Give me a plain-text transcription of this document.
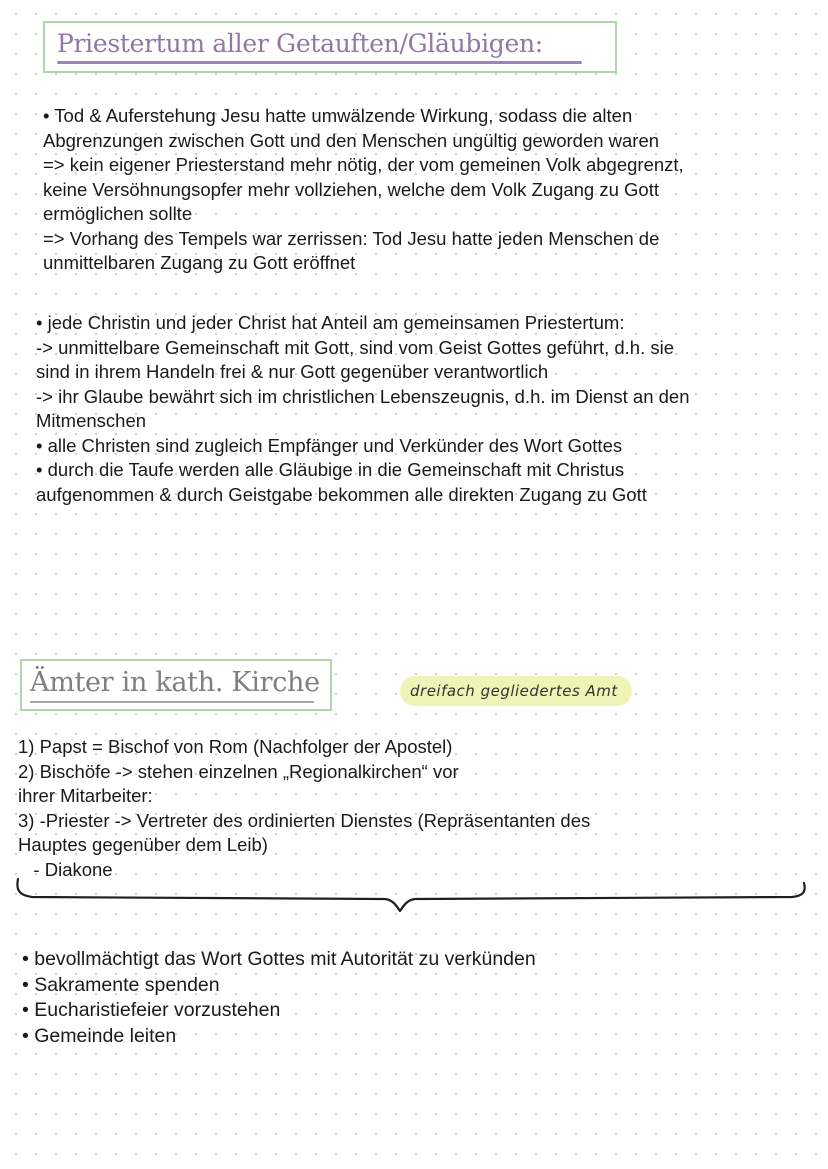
Priestertum aller Getauften/Gläubigen:
• Tod & Auferstehung Jesu hatte umwälzende Wirkung, sodass die alten
Abgrenzungen zwischen Gott und den Menschen ungültig geworden waren
=> kein eigener Priesterstand mehr nötig, der vom gemeinen Volk abgegrenzt,
keine Versöhnungsopfer mehr vollziehen, welche dem Volk Zugang zu Gott
ermöglichen sollte
=> Vorhang des Tempels war zerrissen: Tod Jesu hatte jeden Menschen de
unmittelbaren Zugang zu Gott eröffnet
• jede Christin und jeder Christ hat Anteil am gemeinsamen Priestertum:
-> unmittelbare Gemeinschaft mit Gott, sind vom Geist Gottes geführt, d.h. sie
sind in ihrem Handeln frei & nur Gott gegenüber verantwortlich
-> ihr Glaube bewährt sich im christlichen Lebenszeugnis, d.h. im Dienst an den
Mitmenschen
• alle Christen sind zugleich Empfänger und Verkünder des Wort Gottes
• durch die Taufe werden alle Gläubige in die Gemeinschaft mit Christus
aufgenommen & durch Geistgabe bekommen alle direkten Zugang zu Gott
Ämter in kath. Kirche	dreifach gegliedertes Amt
1) Papst = Bischof von Rom (Nachfolger der Apostel)
2) Bischöfe -> stehen einzelnen „Regionalkirchen“ vor
ihrer Mitarbeiter:
3) -Priester -> Vertreter des ordinierten Dienstes (Repräsentanten des
Hauptes gegenüber dem Leib)
- Diakone
• bevollmächtigt das Wort Gottes mit Autorität zu verkünden
• Sakramente spenden
• Eucharistiefeier vorzustehen
• Gemeinde leiten
